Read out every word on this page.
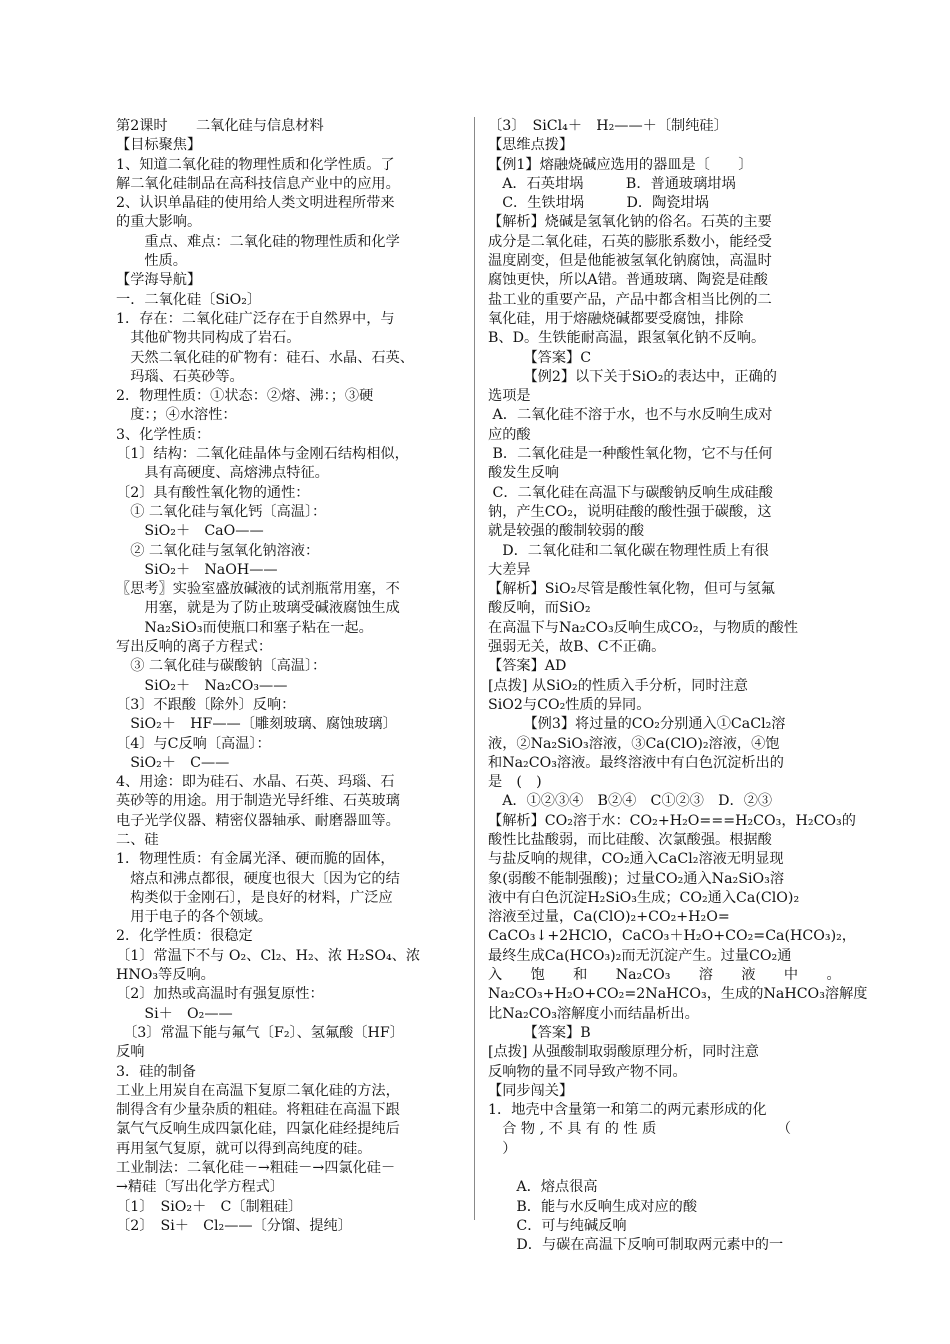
第2课时　　二氧化硅与信息材料
【目标聚焦】
1、知道二氧化硅的物理性质和化学性质。了
解二氧化硅制品在高科技信息产业中的应用。
2、认识单晶硅的使用给人类文明进程所带来
的重大影响。
　　重点、难点：二氧化硅的物理性质和化学
　　性质。
【学海导航】
一．二氧化硅〔SiO₂〕
1．存在：二氧化硅广泛存在于自然界中，与
　其他矿物共同构成了岩石。
　天然二氧化硅的矿物有：硅石、水晶、石英、
　玛瑙、石英砂等。
2．物理性质：①状态：②熔、沸：；③硬
　度：；④水溶性：
3、化学性质：
〔1〕结构：二氧化硅晶体与金刚石结构相似，
　　具有高硬度、高熔沸点特征。
〔2〕具有酸性氧化物的通性：
　① 二氧化硅与氧化钙〔高温〕：
　　SiO₂＋　CaO——
　② 二氧化硅与氢氧化钠溶液：
　　SiO₂＋　NaOH——
〖思考〗实验室盛放碱液的试剂瓶常用塞，不
　　用塞，就是为了防止玻璃受碱液腐蚀生成
　　Na₂SiO₃而使瓶口和塞子粘在一起。
写出反响的离子方程式：
　③ 二氧化硅与碳酸钠〔高温〕：
　　SiO₂＋　Na₂CO₃——
〔3〕不跟酸〔除外〕反响：
　SiO₂＋　HF——〔雕刻玻璃、腐蚀玻璃〕
〔4〕与C反响〔高温〕：
　SiO₂＋　C——
4、用途：即为硅石、水晶、石英、玛瑙、石
英砂等的用途。用于制造光导纤维、石英玻璃
电子光学仪器、精密仪器轴承、耐磨器皿等。
二、硅
1．物理性质：有金属光泽、硬而脆的固体，
　熔点和沸点都很，硬度也很大〔因为它的结
　构类似于金刚石〕，是良好的材料，广泛应
　用于电子的各个领域。
2．化学性质：很稳定
〔1〕常温下不与 O₂、Cl₂、H₂、浓 H₂SO₄、浓
HNO₃等反响。
〔2〕加热或高温时有强复原性：
　　Si＋　O₂——
　〔3〕常温下能与氟气〔F₂〕、氢氟酸〔HF〕
反响
3．硅的制备
工业上用炭自在高温下复原二氧化硅的方法，
制得含有少量杂质的粗硅。将粗硅在高温下跟
氯气气反响生成四氯化硅，四氯化硅经提纯后
再用氢气复原，就可以得到高纯度的硅。
工业制法：二氧化硅－→粗硅－→四氯化硅－
→精硅〔写出化学方程式〕
〔1〕　SiO₂＋　C〔制粗硅〕
〔2〕　Si＋　Cl₂——〔分馏、提纯〕
〔3〕　SiCl₄＋　H₂——＋〔制纯硅〕
【思维点拨】
【例1】熔融烧碱应选用的器皿是〔　　〕
　A．石英坩埚　　　B．普通玻璃坩埚
　C．生铁坩埚　　　D．陶瓷坩埚
【解析】烧碱是氢氧化钠的俗名。石英的主要
成分是二氧化硅，石英的膨胀系数小，能经受
温度剧变，但是他能被氢氧化钠腐蚀，高温时
腐蚀更快，所以A错。普通玻璃、陶瓷是硅酸
盐工业的重要产品，产品中都含相当比例的二
氧化硅，用于熔融烧碱都要受腐蚀，排除
B、D。生铁能耐高温，跟氢氧化钠不反响。
　　　【答案】C
　　　【例2】以下关于SiO₂的表达中，正确的
选项是
A．二氧化硅不溶于水，也不与水反响生成对
应的酸
B．二氧化硅是一种酸性氧化物，它不与任何
酸发生反响
C．二氧化硅在高温下与碳酸钠反响生成硅酸
钠，产生CO₂，说明硅酸的酸性强于碳酸，这
就是较强的酸制较弱的酸
　D．二氧化硅和二氧化碳在物理性质上有很
大差异
【解析】SiO₂尽管是酸性氧化物，但可与氢氟
酸反响，而SiO₂
在高温下与Na₂CO₃反响生成CO₂，与物质的酸性
强弱无关，故B、C不正确。
【答案】AD
[点拨] 从SiO₂的性质入手分析，同时注意
SiO2与CO₂性质的异同。
　　　【例3】将过量的CO₂分别通入①CaCl₂溶
液，②Na₂SiO₃溶液，③Ca(ClO)₂溶液，④饱
和Na₂CO₃溶液。最终溶液中有白色沉淀析出的
是　(　)
　A．①②③④　B②④　C①②③　D．②③
【解析】CO₂溶于水：CO₂+H₂O===H₂CO₃，H₂CO₃的
酸性比盐酸弱，而比硅酸、次氯酸强。根据酸
与盐反响的规律，CO₂通入CaCl₂溶液无明显现
象(弱酸不能制强酸)；过量CO₂通入Na₂SiO₃溶
液中有白色沉淀H₂SiO₃生成；CO₂通入Ca(ClO)₂
溶液至过量，Ca(ClO)₂+CO₂+H₂O=
CaCO₃↓+2HClO，CaCO₃＋H₂O+CO₂=Ca(HCO₃)₂，
最终生成Ca(HCO₃)₂而无沉淀产生。过量CO₂通
入　　饱　　和　　Na₂CO₃　　溶　　液　　中　　。
Na₂CO₃+H₂O+CO₂=2NaHCO₃，生成的NaHCO₃溶解度
比Na₂CO₃溶解度小而结晶析出。
　　　【答案】B
[点拨] 从强酸制取弱酸原理分析，同时注意
反响物的量不同导致产物不同。
【同步闯关】
1．地壳中含量第一和第二的两元素形成的化
　合 物 , 不 具 有 的 性 质　　　　　　　　　（
　）
　　A．熔点很高
　　B．能与水反响生成对应的酸
　　C．可与纯碱反响
　　D．与碳在高温下反响可制取两元素中的一
